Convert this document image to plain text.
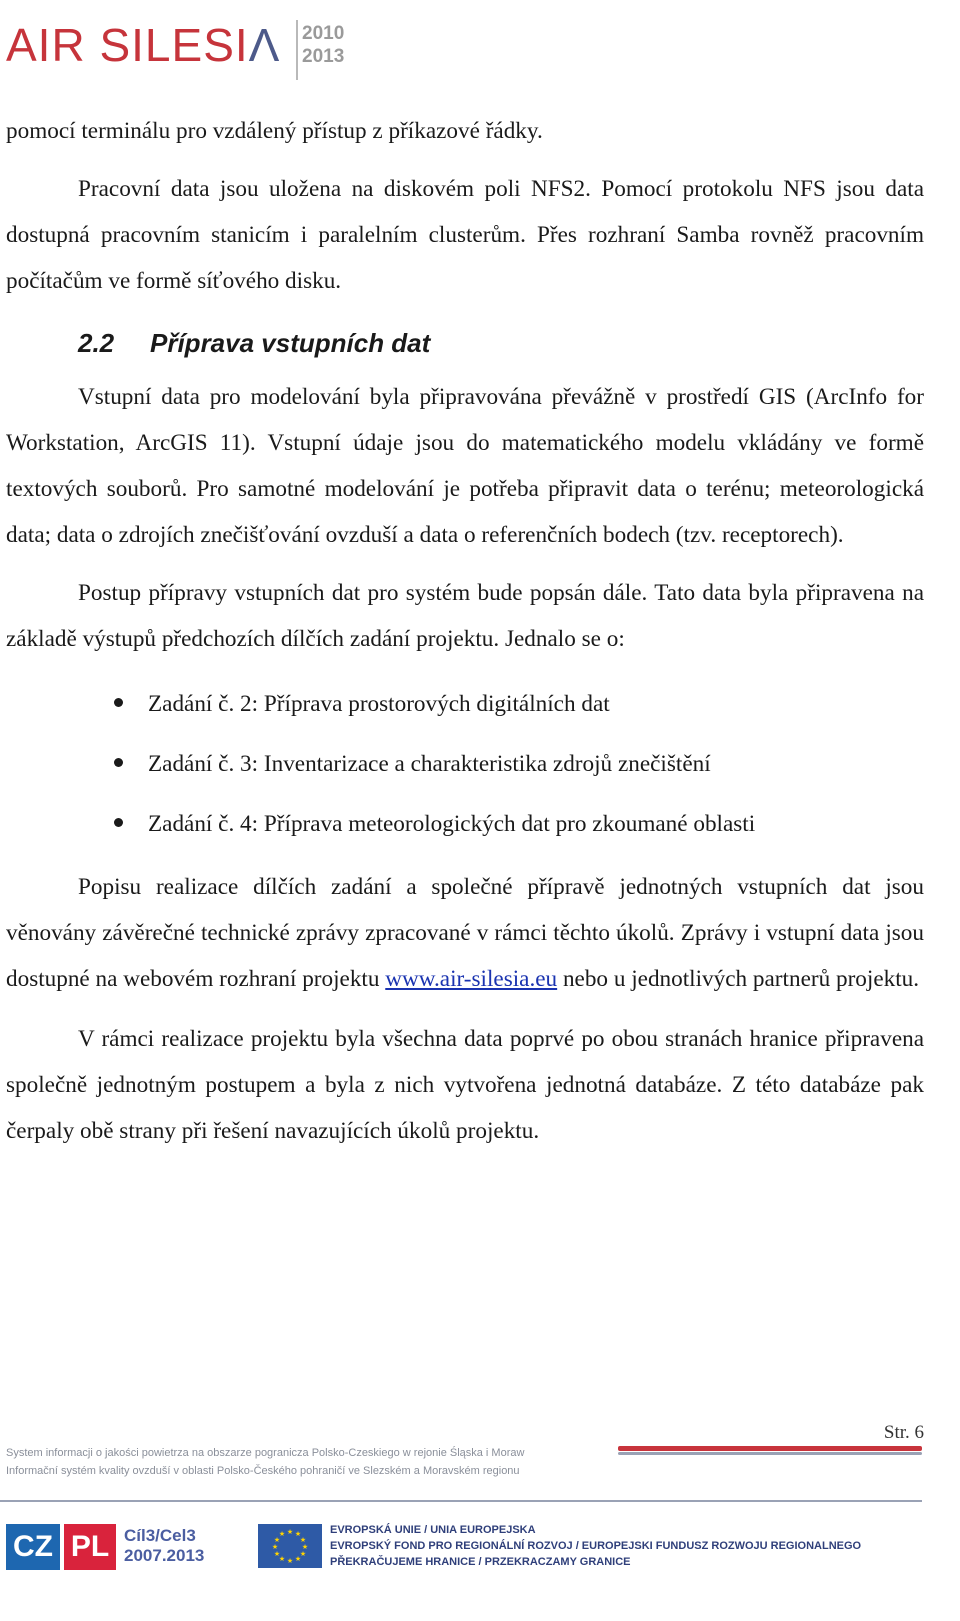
AIR SILESIΛ 2010
2013

pomocí terminálu pro vzdálený přístup z příkazové řádky.

Pracovní data jsou uložena na diskovém poli NFS2. Pomocí protokolu NFS jsou data dostupná pracovním stanicím i paralelním clusterům. Přes rozhraní Samba rovněž pracovním počítačům ve formě síťového disku.

2.2 Příprava vstupních dat

Vstupní data pro modelování byla připravována převážně v prostředí GIS (ArcInfo for Workstation, ArcGIS 11). Vstupní údaje jsou do matematického modelu vkládány ve formě textových souborů. Pro samotné modelování je potřeba připravit data o terénu; meteorologická data; data o zdrojích znečišťování ovzduší a data o referenčních bodech (tzv. receptorech).

Postup přípravy vstupních dat pro systém bude popsán dále. Tato data byla připravena na základě výstupů předchozích dílčích zadání projektu. Jednalo se o:

Zadání č. 2: Příprava prostorových digitálních dat
Zadání č. 3: Inventarizace a charakteristika zdrojů znečištění
Zadání č. 4: Příprava meteorologických dat pro zkoumané oblasti

Popisu realizace dílčích zadání a společné přípravě jednotných vstupních dat jsou věnovány závěrečné technické zprávy zpracované v rámci těchto úkolů. Zprávy i vstupní data jsou dostupné na webovém rozhraní projektu www.air-silesia.eu nebo u jednotlivých partnerů projektu.

V rámci realizace projektu byla všechna data poprvé po obou stranách hranice připravena společně jednotným postupem a byla z nich vytvořena jednotná databáze. Z této databáze pak čerpaly obě strany při řešení navazujících úkolů projektu.

Str. 6
System informacji o jakości powietrza na obszarze pogranicza Polsko-Czeskiego w rejonie Śląska i Moraw
Informační systém kvality ovzduší v oblasti Polsko-Českého pohraničí ve Slezském a Moravském regionu
CZ PL Cíl3/Cel3
2007.2013
★ ★
★
★
★
★
★
★
★
★
★
★	EVROPSKÁ UNIE / UNIA EUROPEJSKA
EVROPSKÝ FOND PRO REGIONÁLNÍ ROZVOJ / EUROPEJSKI FUNDUSZ ROZWOJU REGIONALNEGO
PŘEKRAČUJEME HRANICE / PRZEKRACZAMY GRANICE
